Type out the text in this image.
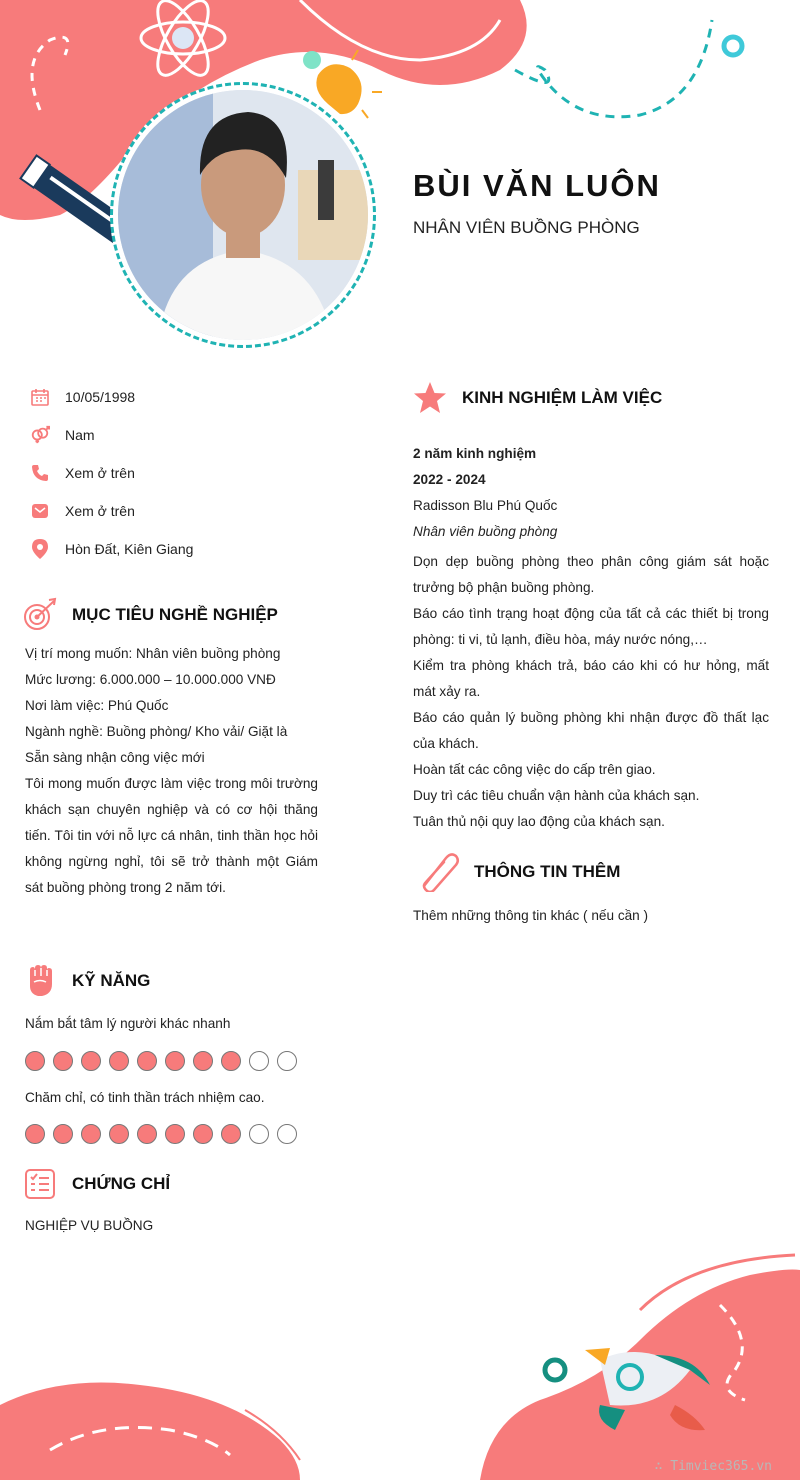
BÙI VĂN LUÔN
NHÂN VIÊN BUỒNG PHÒNG
10/05/1998
Nam
Xem ở trên
Xem ở trên
Hòn Đất, Kiên Giang
MỤC TIÊU NGHỀ NGHIỆP
Vị trí mong muốn: Nhân viên buồng phòng
Mức lương: 6.000.000 – 10.000.000 VNĐ
Nơi làm việc: Phú Quốc
Ngành nghề: Buồng phòng/ Kho vải/ Giặt là
Sẵn sàng nhận công việc mới
Tôi mong muốn được làm việc trong môi trường khách sạn chuyên nghiệp và có cơ hội thăng tiến. Tôi tin với nỗ lực cá nhân, tinh thần học hỏi không ngừng nghỉ, tôi sẽ trở thành một Giám sát buồng phòng trong 2 năm tới.
KỸ NĂNG
Nắm bắt tâm lý người khác nhanh
Chăm chỉ, có tinh thần trách nhiệm cao.
CHỨNG CHỈ
NGHIỆP VỤ BUỒNG
KINH NGHIỆM LÀM VIỆC
2 năm kinh nghiệm
2022 - 2024
Radisson Blu Phú Quốc
Nhân viên buồng phòng
Dọn dẹp buồng phòng theo phân công giám sát hoặc trưởng bộ phận buồng phòng.
Báo cáo tình trạng hoạt động của tất cả các thiết bị trong phòng: ti vi, tủ lạnh, điều hòa, máy nước nóng,…
Kiểm tra phòng khách trả, báo cáo khi có hư hỏng, mất mát xảy ra.
Báo cáo quản lý buồng phòng khi nhận được đồ thất lạc của khách.
Hoàn tất các công việc do cấp trên giao.
Duy trì các tiêu chuẩn vận hành của khách sạn.
Tuân thủ nội quy lao động của khách sạn.
THÔNG TIN THÊM
Thêm những thông tin khác ( nếu cần )
∴ Timviec365.vn
